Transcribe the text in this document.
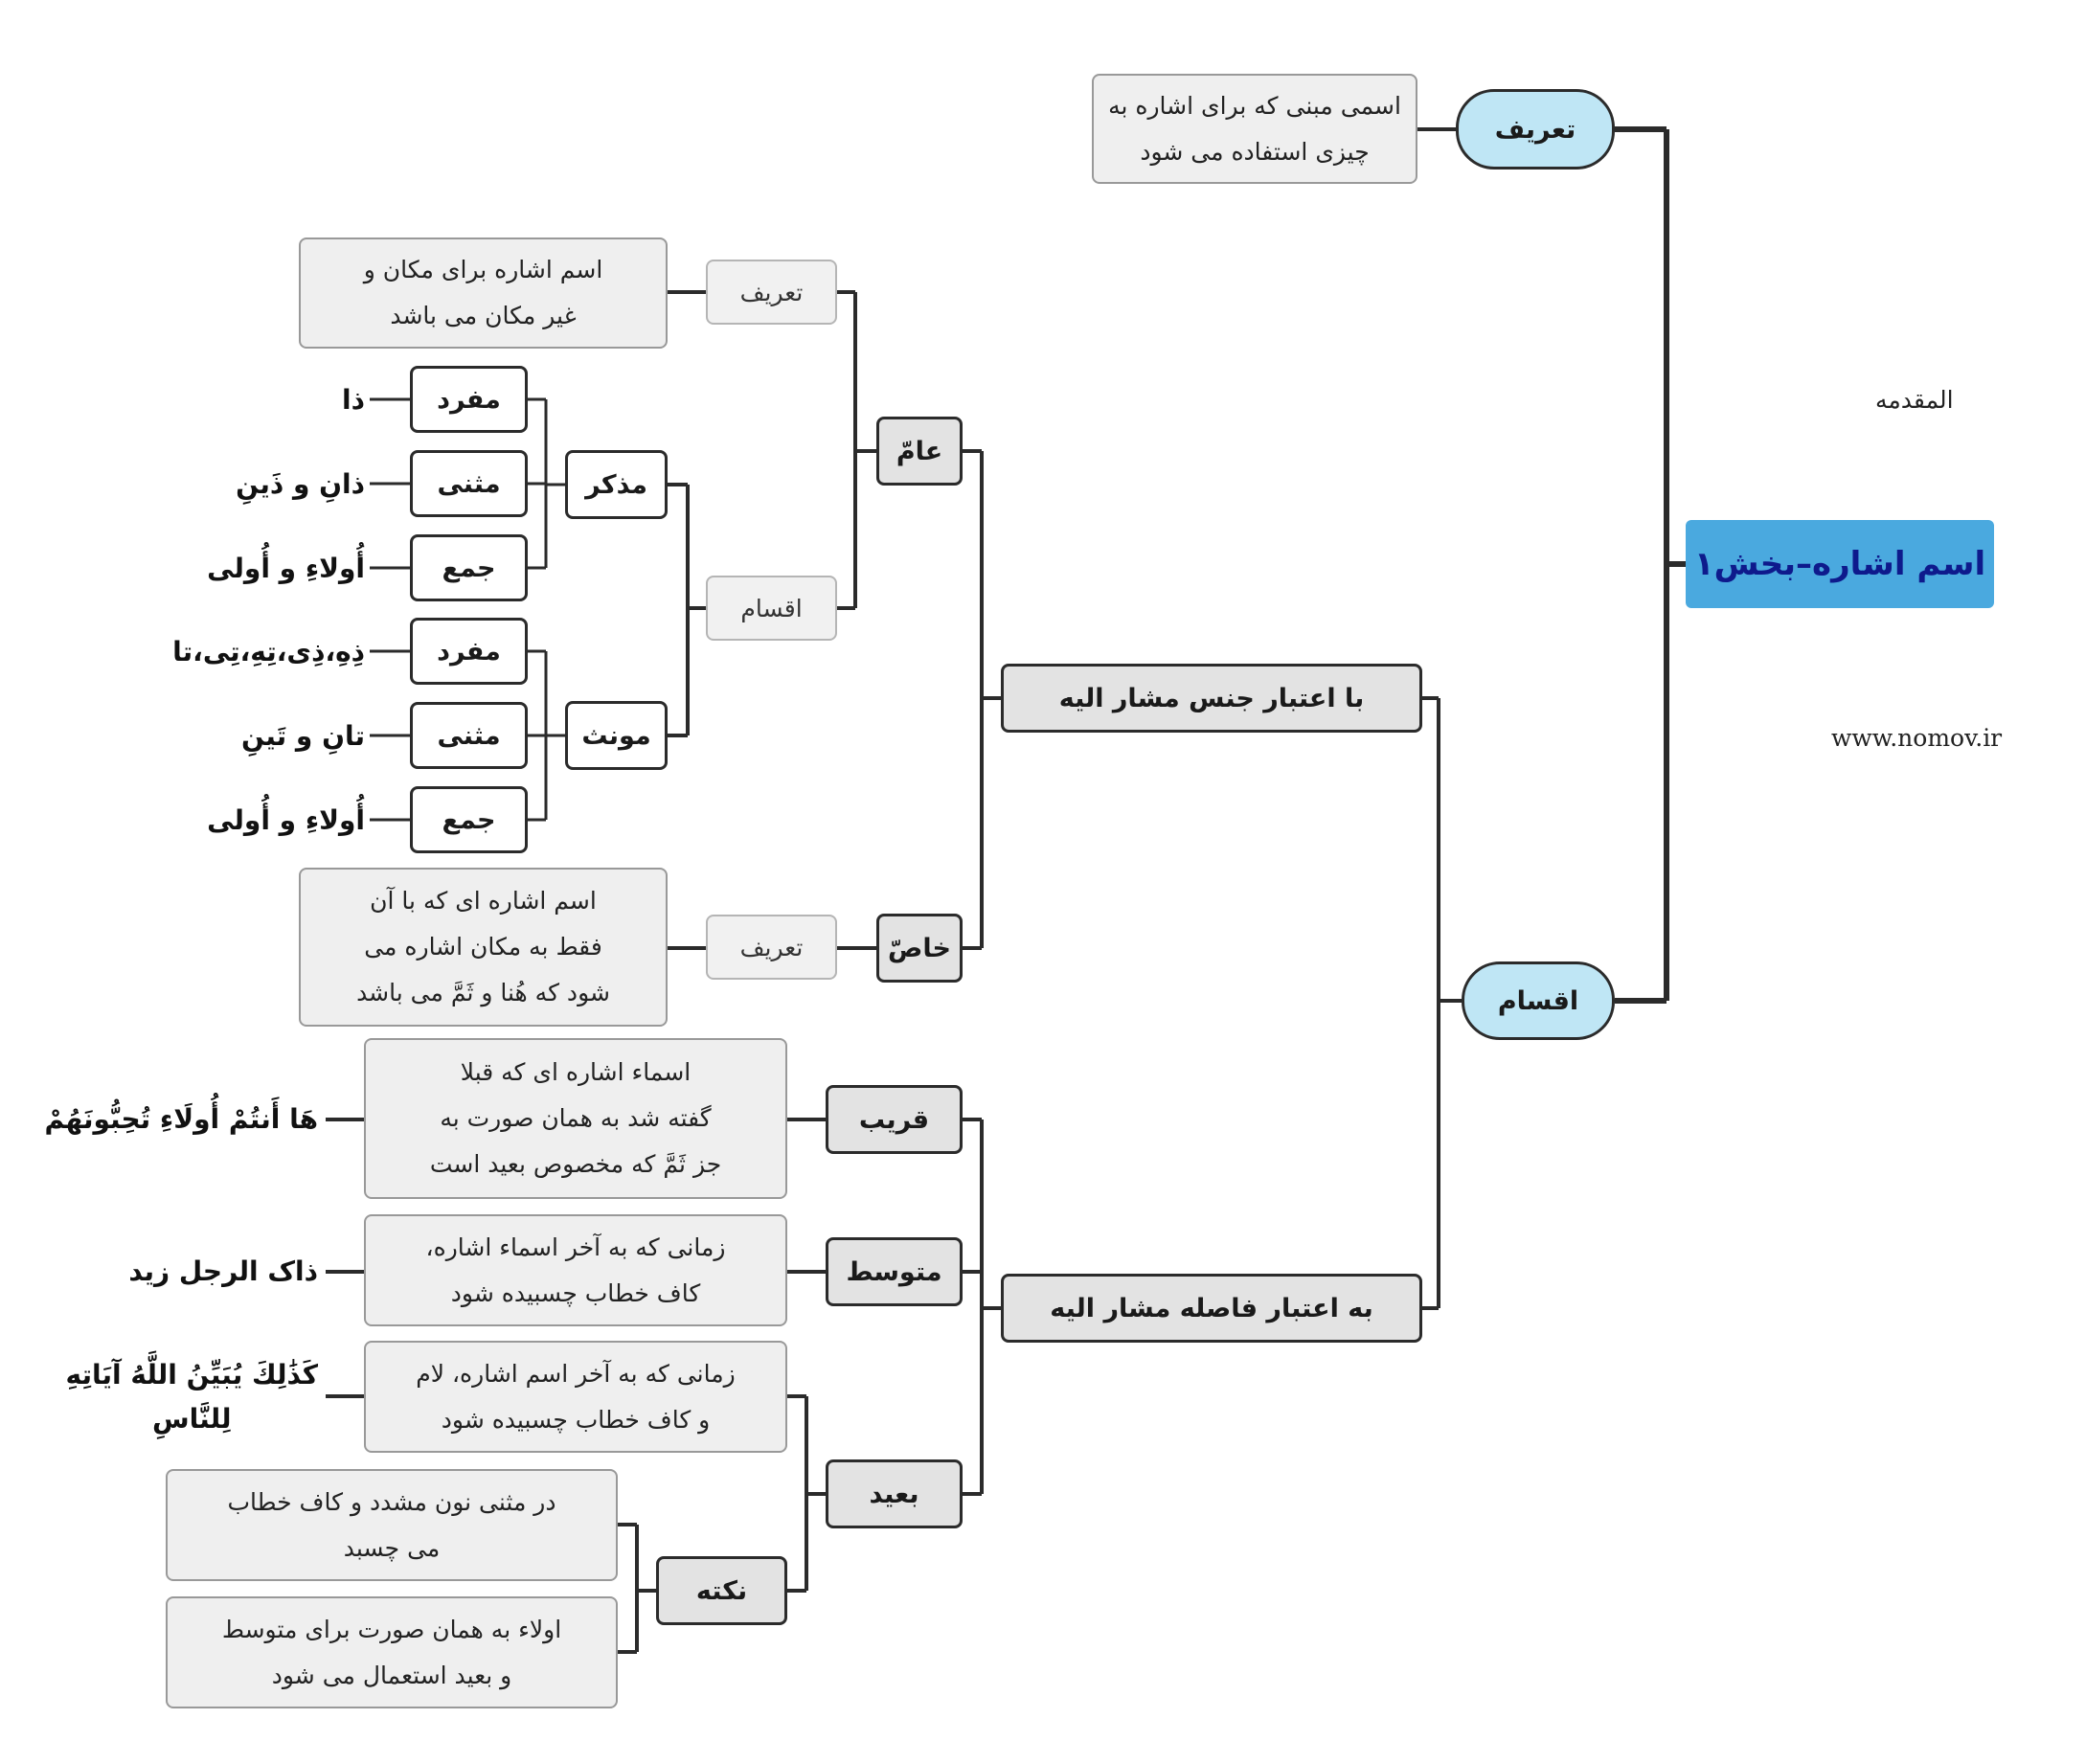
اسم اشاره–بخش۱
المقدمه
www.nomov.ir
تعریف
اسمی مبنی که برای اشاره به
چیزی استفاده می شود
اقسام
با اعتبار جنس مشار الیه
عامّ
تعریف
اسم اشاره برای مکان و
غیر مکان می باشد
اقسام
مذکر
مفرد
مثنی
جمع
ذا
ذانِ و ذَینِ
أُولاءِ و أُولی
مونث
مفرد
مثنی
جمع
ذِهِ،ذِی،تِهِ،تِی،تا
تانِ و تَینِ
أُولاءِ و أُولی
خاصّ
تعریف
اسم اشاره ای که با آن
فقط به مکان اشاره می
شود که هُنا و ثَمَّ می باشد
به اعتبار فاصله مشار الیه
قریب
اسماء اشاره ای که قبلا
گفته شد به همان صورت به
جز ثَمَّ که مخصوص بعید است
هَا أَنتُمْ أُولَاءِ تُحِبُّونَهُمْ
متوسط
زمانی که به آخر اسماء اشاره،
کاف خطاب چسبیده شود
ذاک الرجل زید
بعید
زمانی که به آخر اسم اشاره، لام
و کاف خطاب چسبیده شود
كَذَٰلِكَ يُبَيِّنُ اللَّهُ آيَاتِهِ
لِلنَّاسِ
نکته
در مثنی نون مشدد و کاف خطاب
می چسبد
اولاء به همان صورت برای متوسط
و بعید استعمال می شود
